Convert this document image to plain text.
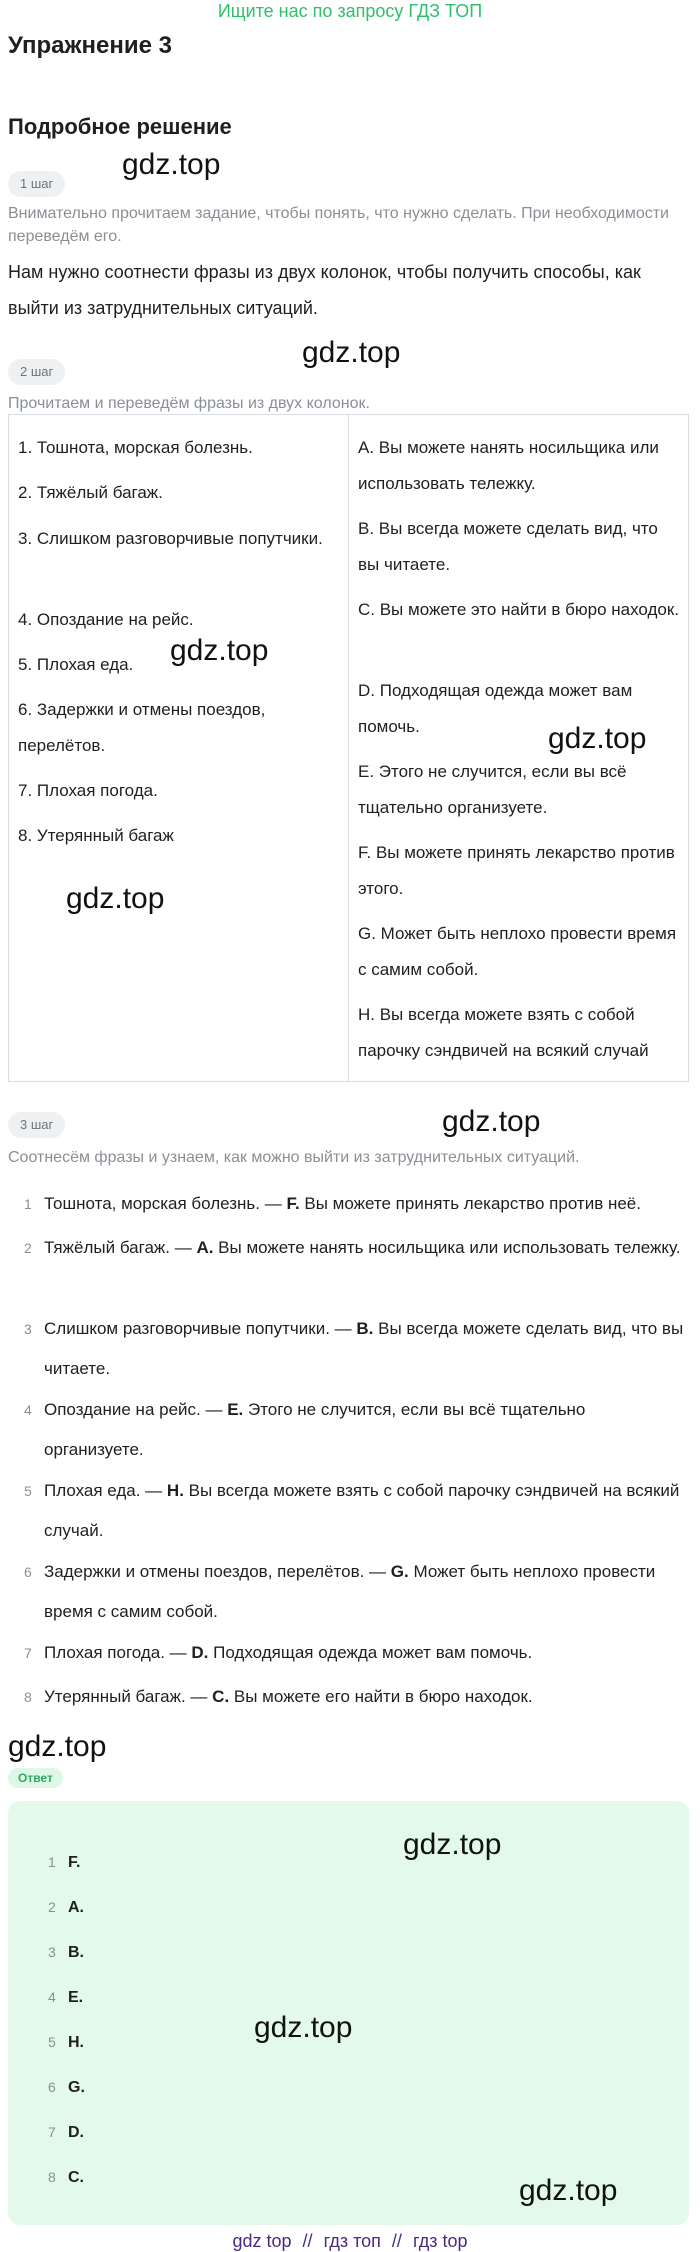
Ищите нас по запросу ГДЗ ТОП
Упражнение 3
Подробное решение
1 шаг
gdz.top
Внимательно прочитаем задание, чтобы понять, что нужно сделать. При необходимости переведём его.
Нам нужно соотнести фразы из двух колонок, чтобы получить способы, как выйти из затруднительных ситуаций.
2 шаг
gdz.top
Прочитаем и переведём фразы из двух колонок.
1. Тошнота, морская болезнь.
2. Тяжёлый багаж.
3. Слишком разговорчивые попутчики.
4. Опоздание на рейс.
5. Плохая еда.
6. Задержки и отмены поездов, перелётов.
7. Плохая погода.
8. Утерянный багаж
A. Вы можете нанять носильщика или использовать тележку.
B. Вы всегда можете сделать вид, что вы читаете.
C. Вы можете это найти в бюро находок.
D. Подходящая одежда может вам помочь.
E. Этого не случится, если вы всё тщательно организуете.
F. Вы можете принять лекарство против этого.
G. Может быть неплохо провести время с самим собой.
H. Вы всегда можете взять с собой парочку сэндвичей на всякий случай
gdz.top
gdz.top
gdz.top
3 шаг	gdz.top
Соотнесём фразы и узнаем, как можно выйти из затруднительных ситуаций.
1 Тошнота, морская болезнь. — F. Вы можете принять лекарство против неё.
2 Тяжёлый багаж. — A. Вы можете нанять носильщика или использовать тележку.
3 Слишком разговорчивые попутчики. — B. Вы всегда можете сделать вид, что вы читаете.
4 Опоздание на рейс. — E. Этого не случится, если вы всё тщательно организуете.
5 Плохая еда. — H. Вы всегда можете взять с собой парочку сэндвичей на всякий случай.
6 Задержки и отмены поездов, перелётов. — G. Может быть неплохо провести время с самим собой.
7 Плохая погода. — D. Подходящая одежда может вам помочь.
8 Утерянный багаж. — C. Вы можете его найти в бюро находок.
gdz.top
Ответ
1 F.
2 A.
3 B.
4 E.
5 H.
6 G.
7 D.
8 C.
gdz.top
gdz.top
gdz.top
gdz top // гдз топ // гдз top
